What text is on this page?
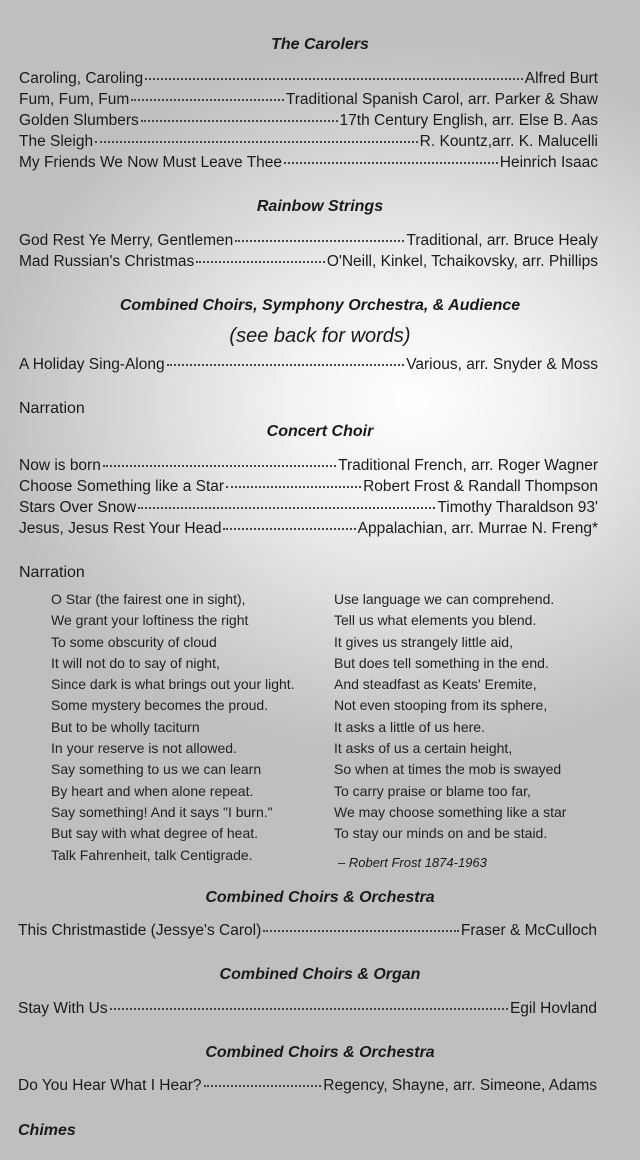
The Carolers
Caroling, Caroling	Alfred Burt
Fum, Fum, Fum	Traditional Spanish Carol, arr. Parker & Shaw
Golden Slumbers	17th Century English, arr. Else B. Aas
The Sleigh	R. Kountz,arr. K. Malucelli
My Friends We Now Must Leave Thee	Heinrich Isaac
Rainbow Strings
God Rest Ye Merry, Gentlemen	Traditional, arr. Bruce Healy
Mad Russian's Christmas	O'Neill, Kinkel, Tchaikovsky, arr. Phillips
Combined Choirs, Symphony Orchestra, & Audience
(see back for words)
A Holiday Sing-Along	Various, arr. Snyder & Moss
Narration
Concert Choir
Now is born	Traditional French, arr. Roger Wagner
Choose Something like a Star	Robert Frost & Randall Thompson
Stars Over Snow	Timothy Tharaldson 93'
Jesus, Jesus Rest Your Head	Appalachian, arr. Murrae N. Freng*
Narration
O Star (the fairest one in sight),
We grant your loftiness the right
To some obscurity of cloud
It will not do to say of night,
Since dark is what brings out your light.
Some mystery becomes the proud.
But to be wholly taciturn
In your reserve is not allowed.
Say something to us we can learn
By heart and when alone repeat.
Say something! And it says "I burn."
But say with what degree of heat.
Talk Fahrenheit, talk Centigrade.
Use language we can comprehend.
Tell us what elements you blend.
It gives us strangely little aid,
But does tell something in the end.
And steadfast as Keats' Eremite,
Not even stooping from its sphere,
It asks a little of us here.
It asks of us a certain height,
So when at times the mob is swayed
To carry praise or blame too far,
We may choose something like a star
To stay our minds on and be staid.
– Robert Frost 1874-1963
Combined Choirs & Orchestra
This Christmastide (Jessye's Carol)	Fraser & McCulloch
Combined Choirs & Organ
Stay With Us	Egil Hovland
Combined Choirs & Orchestra
Do You Hear What I Hear?	Regency, Shayne, arr. Simeone, Adams
Chimes
